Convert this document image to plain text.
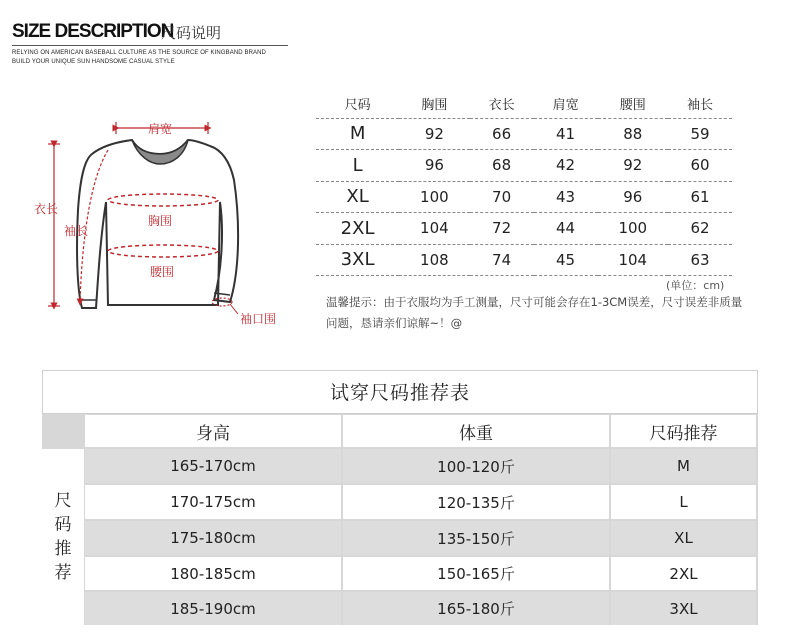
SIZE DESCRIPTION
尺码说明
RELYING ON AMERICAN BASEBALL CULTURE AS THE SOURCE OF KINGBAND BRAND
BUILD YOUR UNIQUE SUN HANDSOME CASUAL STYLE
肩宽
衣长
袖长
胸围
腰围
袖口围
尺码	胸围	衣长	肩宽	腰围	袖长
M	92	66	41	88	59
L	96	68	42	92	60
XL	100	70	43	96	61
2XL	104	72	44	100	62
3XL	108	74	45	104	63
(单位：cm)
温馨提示：由于衣服均为手工测量，尺寸可能会存在1-3CM误差，尺寸误差非质量问题，恳请亲们谅解~！@
试穿尺码推荐表
身高	体重	尺码推荐
尺
码
推
荐
165-170cm	100-120斤	M
170-175cm	120-135斤	L
175-180cm	135-150斤	XL
180-185cm	150-165斤	2XL
185-190cm	165-180斤	3XL
